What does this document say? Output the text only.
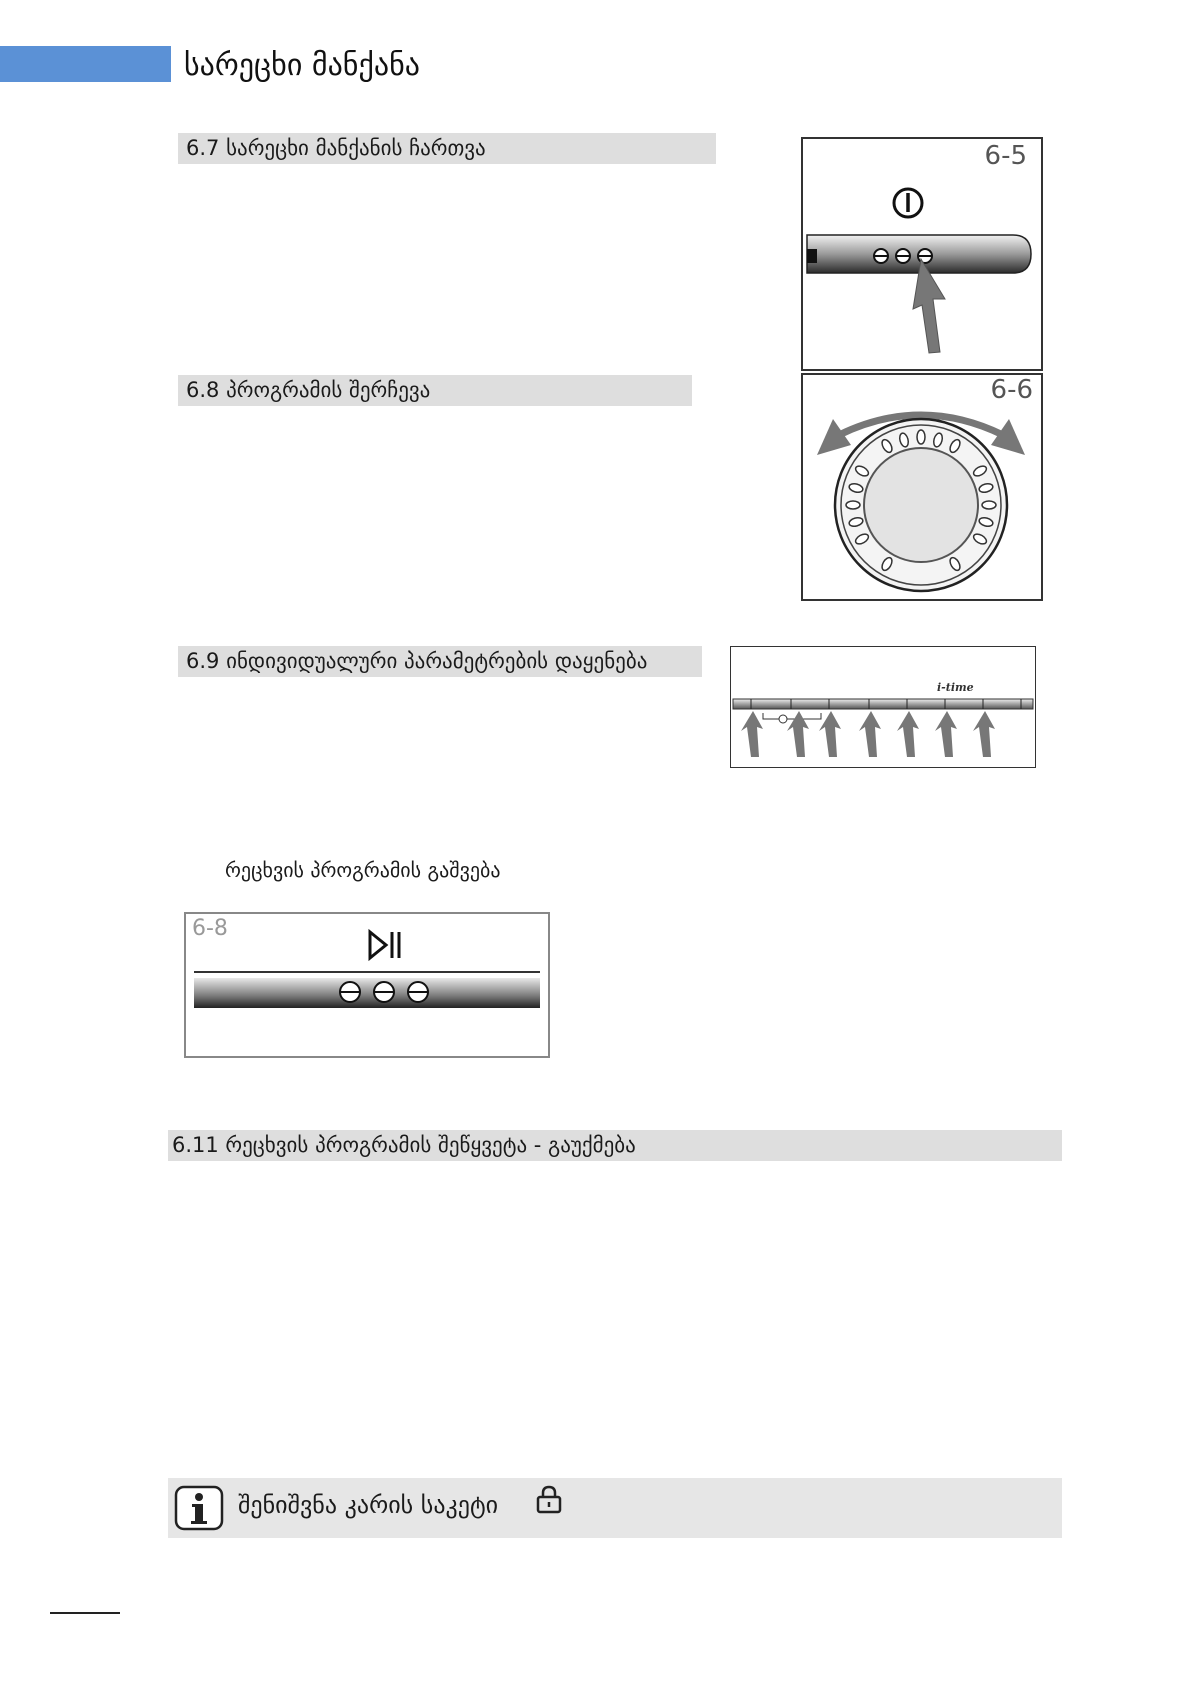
სარეცხი მანქანა
6.7 სარეცხი მანქანის ჩართვა	6-5
6.8 პროგრამის შერჩევა	6-6
6.9 ინდივიდუალური პარამეტრების დაყენება
i-time
რეცხვის პროგრამის გაშვება
6-8
6.11 რეცხვის პროგრამის შეწყვეტა - გაუქმება
შენიშვნა კარის საკეტი
